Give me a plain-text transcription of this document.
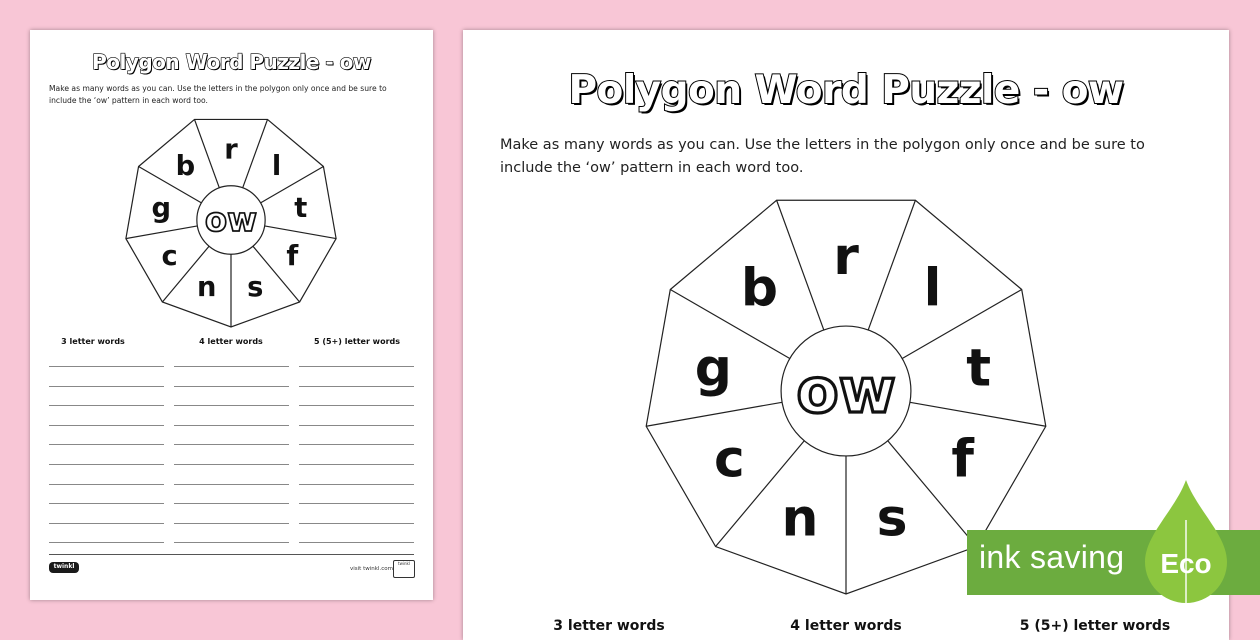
Polygon Word Puzzle - ow
Make as many words as you can. Use the letters in the polygon only once and be sure to include the ‘ow’ pattern in each word too.
ow
r
l
t
f
s
n
c
g
b
3 letter words	4 letter words	5 (5+) letter words
twinkl	visit twinkl.com
twinkl
Polygon Word Puzzle - ow
Make as many words as you can. Use the letters in the polygon only once and be sure to include the ‘ow’ pattern in each word too.
ow
r
l
t
f
s
n
c
g
b
3 letter words	4 letter words	5 (5+) letter words
ink saving Eco
